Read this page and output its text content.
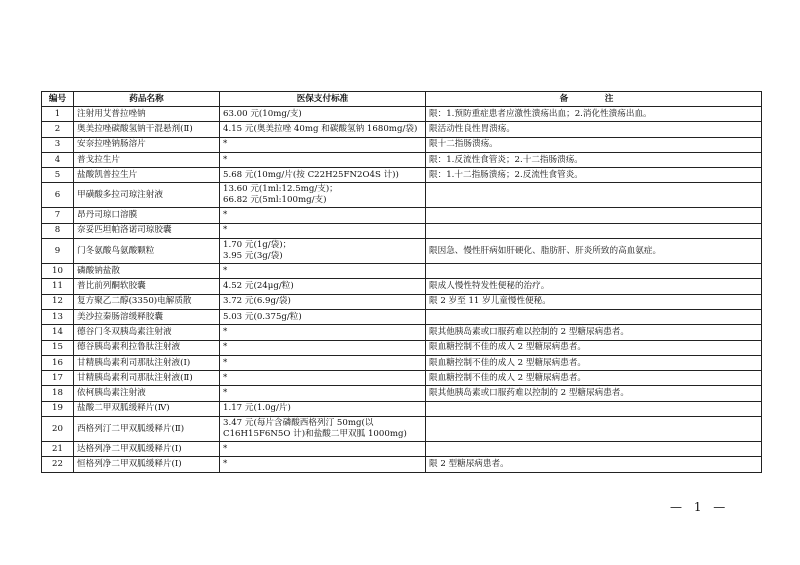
编号	药品名称	医保支付标准	备　注
1	注射用艾普拉唑钠	63.00 元(10mg/支)	限：1.预防重症患者应激性溃疡出血；2.消化性溃疡出血。
2	奥美拉唑碳酸氢钠干混悬剂(Ⅱ)	4.15 元(奥美拉唑 40mg 和碳酸氢钠 1680mg/袋)	限活动性良性胃溃疡。
3	安奈拉唑钠肠溶片	*	限十二指肠溃疡。
4	普戈拉生片	*	限：1.反流性食管炎；2.十二指肠溃疡。
5	盐酸凯普拉生片	5.68 元(10mg/片(按 C22H25FN2O4S 计))	限：1.十二指肠溃疡；2.反流性食管炎。
6	甲磺酸多拉司琼注射液	13.60 元(1ml:12.5mg/支)；
66.82 元(5ml:100mg/支)	

7	昂丹司琼口溶膜	*	

8	奈妥匹坦帕洛诺司琼胶囊	*	

9	门冬氨酸鸟氨酸颗粒	1.70 元(1g/袋)；
3.95 元(3g/袋)	限因急、慢性肝病如肝硬化、脂肪肝、肝炎所致的高血氨症。
10	磷酸钠盐散	*	

11	普比前列酮软胶囊	4.52 元(24μg/粒)	限成人慢性特发性便秘的治疗。
12	复方聚乙二醇(3350)电解质散	3.72 元(6.9g/袋)	限 2 岁至 11 岁儿童慢性便秘。
13	美沙拉秦肠溶缓释胶囊	5.03 元(0.375g/粒)	

14	德谷门冬双胰岛素注射液	*	限其他胰岛素或口服药难以控制的 2 型糖尿病患者。
15	德谷胰岛素利拉鲁肽注射液	*	限血糖控制不佳的成人 2 型糖尿病患者。
16	甘精胰岛素利司那肽注射液(Ⅰ)	*	限血糖控制不佳的成人 2 型糖尿病患者。
17	甘精胰岛素利司那肽注射液(Ⅱ)	*	限血糖控制不佳的成人 2 型糖尿病患者。
18	依柯胰岛素注射液	*	限其他胰岛素或口服药难以控制的 2 型糖尿病患者。
19	盐酸二甲双胍缓释片(Ⅳ)	1.17 元(1.0g/片)	

20	西格列汀二甲双胍缓释片(Ⅱ)	3.47 元(每片含磷酸西格列汀 50mg(以
C16H15F6N5O 计)和盐酸二甲双胍 1000mg)	

21	达格列净二甲双胍缓释片(Ⅰ)	*	

22	恒格列净二甲双胍缓释片(Ⅰ)	*	限 2 型糖尿病患者。
— 1 —
